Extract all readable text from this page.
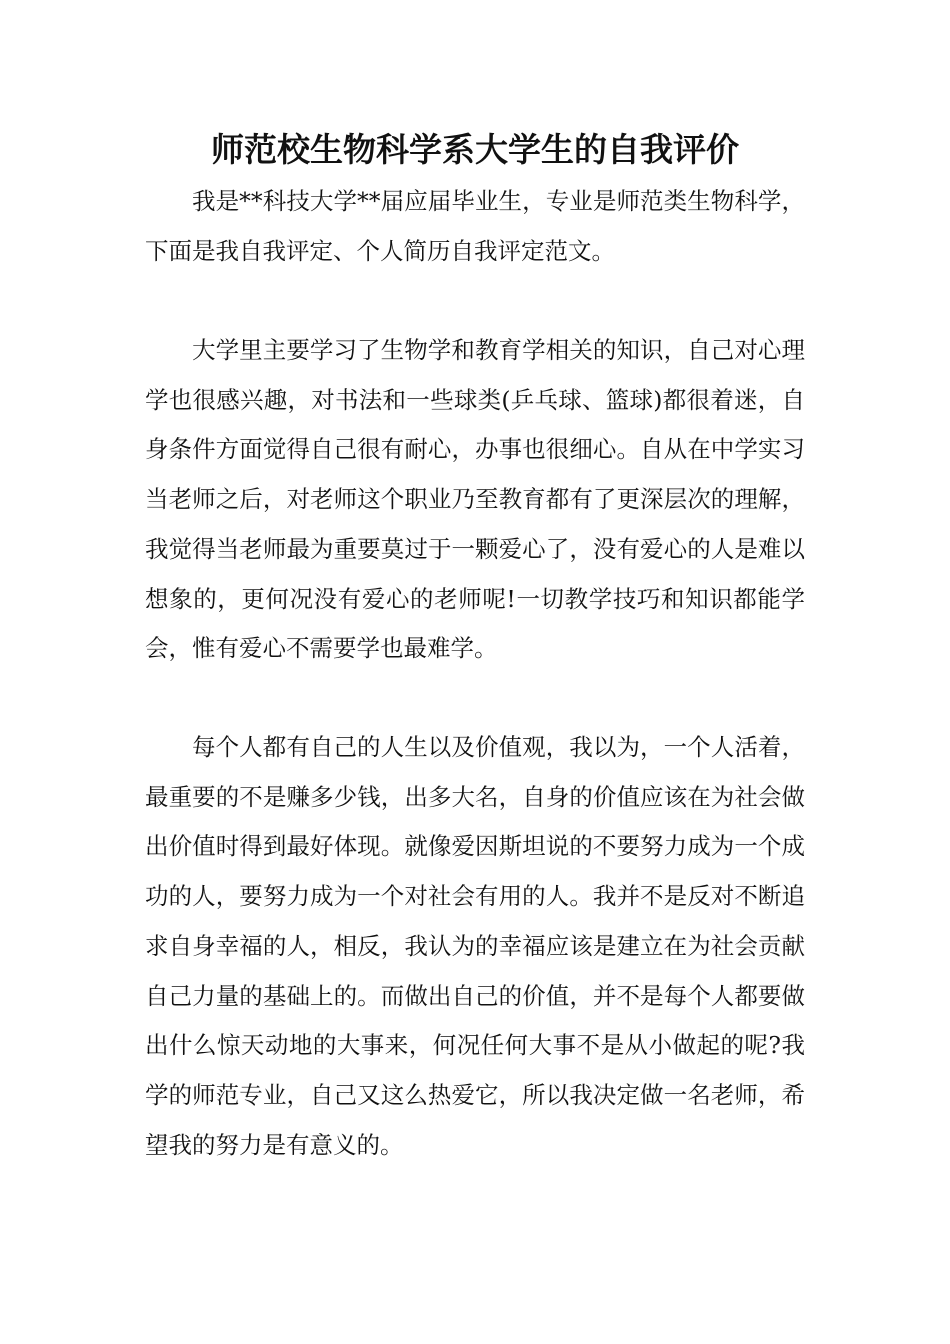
师范校生物科学系大学生的自我评价

我是**科技大学**届应届毕业生，专业是师范类生物科学，下面是我自我评定、个人简历自我评定范文。

大学里主要学习了生物学和教育学相关的知识，自己对心理学也很感兴趣，对书法和一些球类(乒乓球、篮球)都很着迷，自身条件方面觉得自己很有耐心，办事也很细心。自从在中学实习当老师之后，对老师这个职业乃至教育都有了更深层次的理解，我觉得当老师最为重要莫过于一颗爱心了，没有爱心的人是难以想象的，更何况没有爱心的老师呢!一切教学技巧和知识都能学会，惟有爱心不需要学也最难学。

每个人都有自己的人生以及价值观，我以为，一个人活着，最重要的不是赚多少钱，出多大名，自身的价值应该在为社会做出价值时得到最好体现。就像爱因斯坦说的不要努力成为一个成功的人，要努力成为一个对社会有用的人。我并不是反对不断追求自身幸福的人，相反，我认为的幸福应该是建立在为社会贡献自己力量的基础上的。而做出自己的价值，并不是每个人都要做出什么惊天动地的大事来，何况任何大事不是从小做起的呢?我学的师范专业，自己又这么热爱它，所以我决定做一名老师，希望我的努力是有意义的。
